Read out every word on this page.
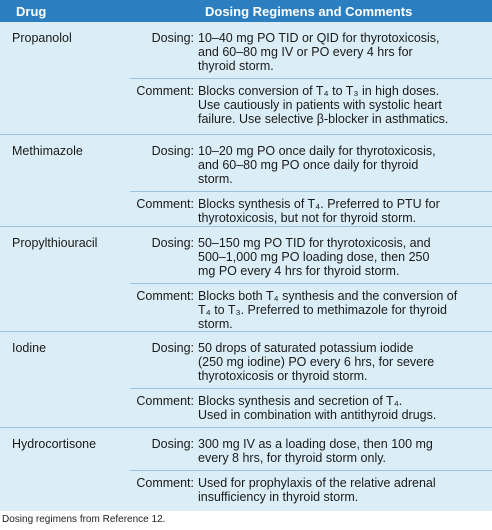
Drug	Dosing Regimens and Comments
Propanolol	Dosing: 10–40 mg PO TID or QID for thyrotoxicosis,
and 60–80 mg IV or PO every 4 hrs for
thyroid storm.
Comment: Blocks conversion of T₄ to T₃ in high doses.
Use cautiously in patients with systolic heart
failure. Use selective β-blocker in asthmatics.
Methimazole	Dosing: 10–20 mg PO once daily for thyrotoxicosis,
and 60–80 mg PO once daily for thyroid
storm.
Comment: Blocks synthesis of T₄. Preferred to PTU for
thyrotoxicosis, but not for thyroid storm.
Propylthiouracil	Dosing: 50–150 mg PO TID for thyrotoxicosis, and
500–1,000 mg PO loading dose, then 250
mg PO every 4 hrs for thyroid storm.
Comment: Blocks both T₄ synthesis and the conversion of
T₄ to T₃. Preferred to methimazole for thyroid
storm.
Iodine	Dosing: 50 drops of saturated potassium iodide
(250 mg iodine) PO every 6 hrs, for severe
thyrotoxicosis or thyroid storm.
Comment: Blocks synthesis and secretion of T₄.
Used in combination with antithyroid drugs.
Hydrocortisone	Dosing: 300 mg IV as a loading dose, then 100 mg
every 8 hrs, for thyroid storm only.
Comment: Used for prophylaxis of the relative adrenal
insufficiency in thyroid storm.
Dosing regimens from Reference 12.
